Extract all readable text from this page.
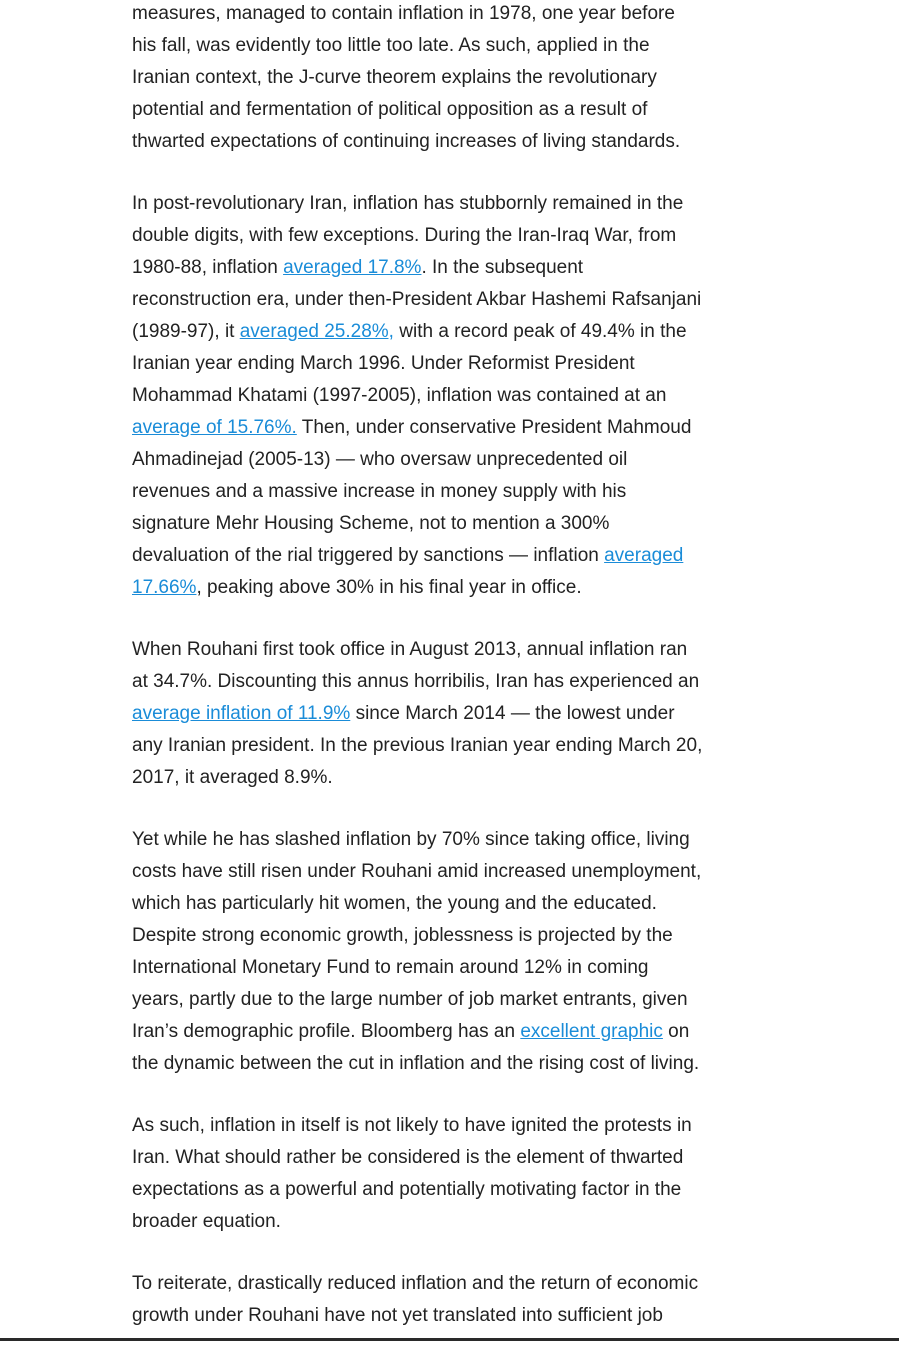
measures, managed to contain inflation in 1978, one year before
his fall, was evidently too little too late. As such, applied in the
Iranian context, the J-curve theorem explains the revolutionary
potential and fermentation of political opposition as a result of
thwarted expectations of continuing increases of living standards.

In post-revolutionary Iran, inflation has stubbornly remained in the
double digits, with few exceptions. During the Iran-Iraq War, from
1980-88, inflation averaged 17.8%. In the subsequent
reconstruction era, under then-President Akbar Hashemi Rafsanjani
(1989-97), it averaged 25.28%, with a record peak of 49.4% in the
Iranian year ending March 1996. Under Reformist President
Mohammad Khatami (1997-2005), inflation was contained at an
average of 15.76%. Then, under conservative President Mahmoud
Ahmadinejad (2005-13) — who oversaw unprecedented oil
revenues and a massive increase in money supply with his
signature Mehr Housing Scheme, not to mention a 300%
devaluation of the rial triggered by sanctions — inflation averaged
17.66%, peaking above 30% in his final year in office.

When Rouhani first took office in August 2013, annual inflation ran
at 34.7%. Discounting this annus horribilis, Iran has experienced an
average inflation of 11.9% since March 2014 — the lowest under
any Iranian president. In the previous Iranian year ending March 20,
2017, it averaged 8.9%.

Yet while he has slashed inflation by 70% since taking office, living
costs have still risen under Rouhani amid increased unemployment,
which has particularly hit women, the young and the educated.
Despite strong economic growth, joblessness is projected by the
International Monetary Fund to remain around 12% in coming
years, partly due to the large number of job market entrants, given
Iran’s demographic profile. Bloomberg has an excellent graphic on
the dynamic between the cut in inflation and the rising cost of living.

As such, inflation in itself is not likely to have ignited the protests in
Iran. What should rather be considered is the element of thwarted
expectations as a powerful and potentially motivating factor in the
broader equation.

To reiterate, drastically reduced inflation and the return of economic
growth under Rouhani have not yet translated into sufficient job
